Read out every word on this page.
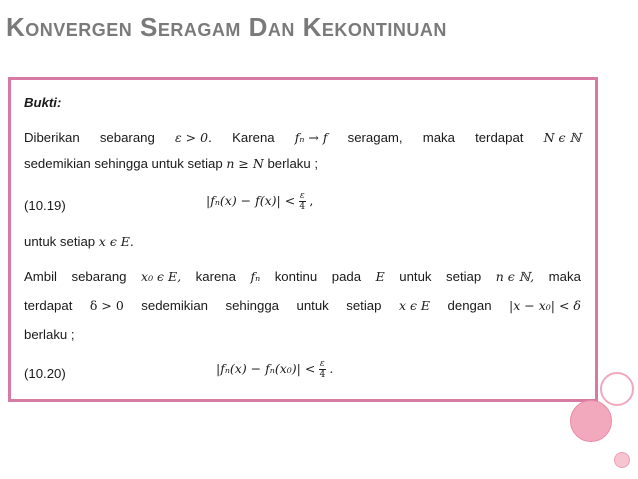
Konvergen Seragam Dan Kekontinuan
Bukti:
Diberikan sebarang ε > 0. Karena fₙ → f seragam, maka terdapat N ϵ ℕ
sedemikian sehingga untuk setiap n ≥ N berlaku ;
(10.19)	$|f_n(x) - f(x)| < \frac{\varepsilon}{4}$ ,
untuk setiap x ϵ E.
Ambil sebarang x₀ ϵ E, karena fₙ kontinu pada E untuk setiap n ϵ ℕ, maka
terdapat δ > 0 sedemikian sehingga untuk setiap x ϵ E dengan |x − x₀| < δ
berlaku ;
(10.20)	$|f_n(x) - f_n(x_0)| < \frac{\varepsilon}{4}$ .
